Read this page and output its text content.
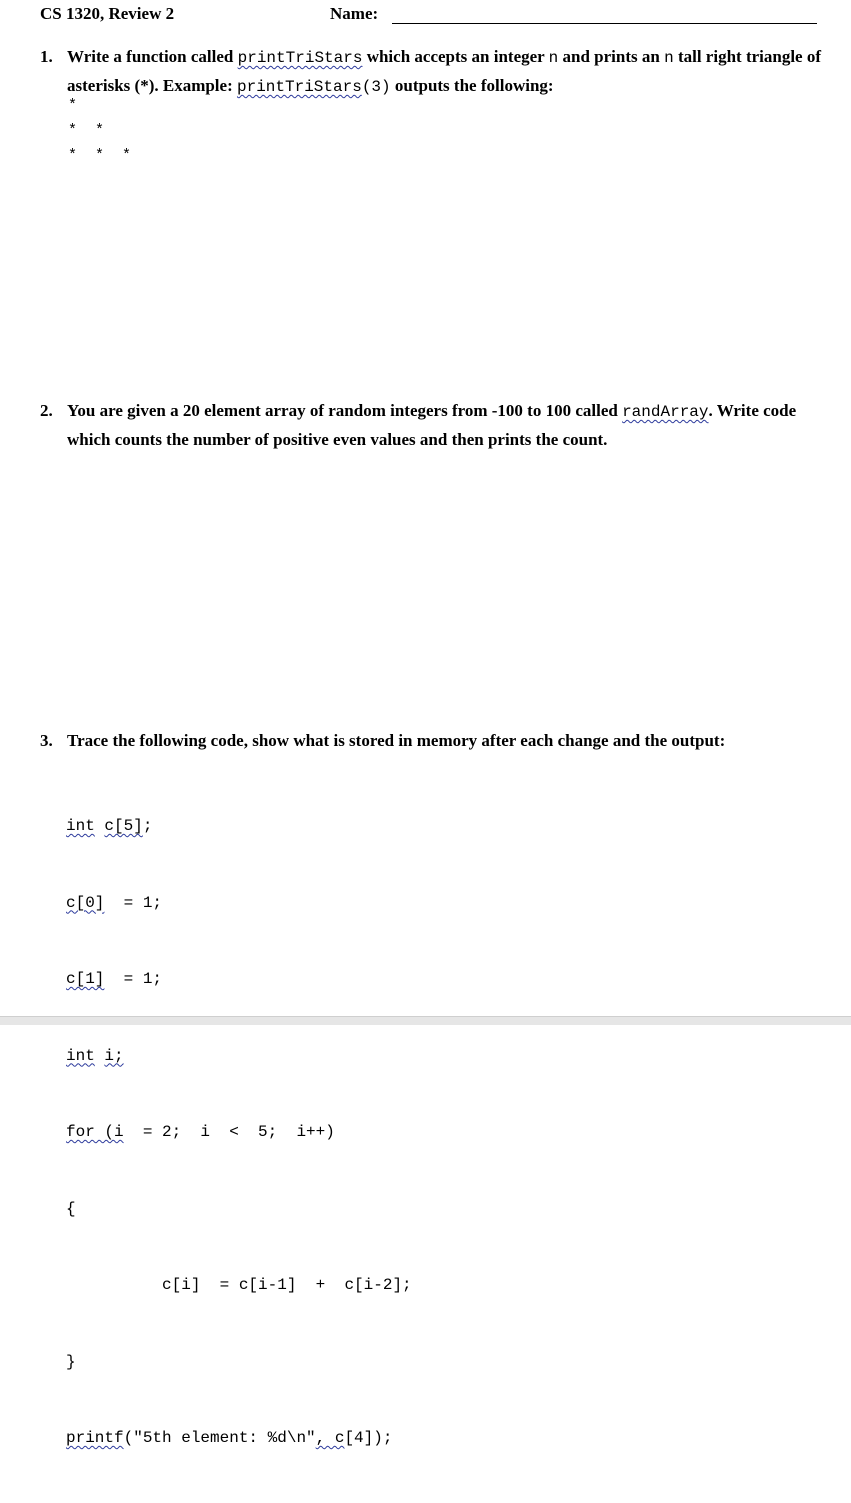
CS 1320, Review 2	Name:
1. Write a function called printTriStars which accepts an integer n and prints an n tall right triangle of asterisks (*). Example: printTriStars(3) outputs the following:
*
*  *
*  *  *
2. You are given a 20 element array of random integers from -100 to 100 called randArray. Write code which counts the number of positive even values and then prints the count.
3. Trace the following code, show what is stored in memory after each change and the output:

int c[5];

c[0]  = 1;

c[1]  = 1;

int i;

for (i  = 2;  i  <  5;  i++)

{

c[i]  = c[i-1]  +  c[i-2];

}

printf("5th element: %d\n", c[4]);
